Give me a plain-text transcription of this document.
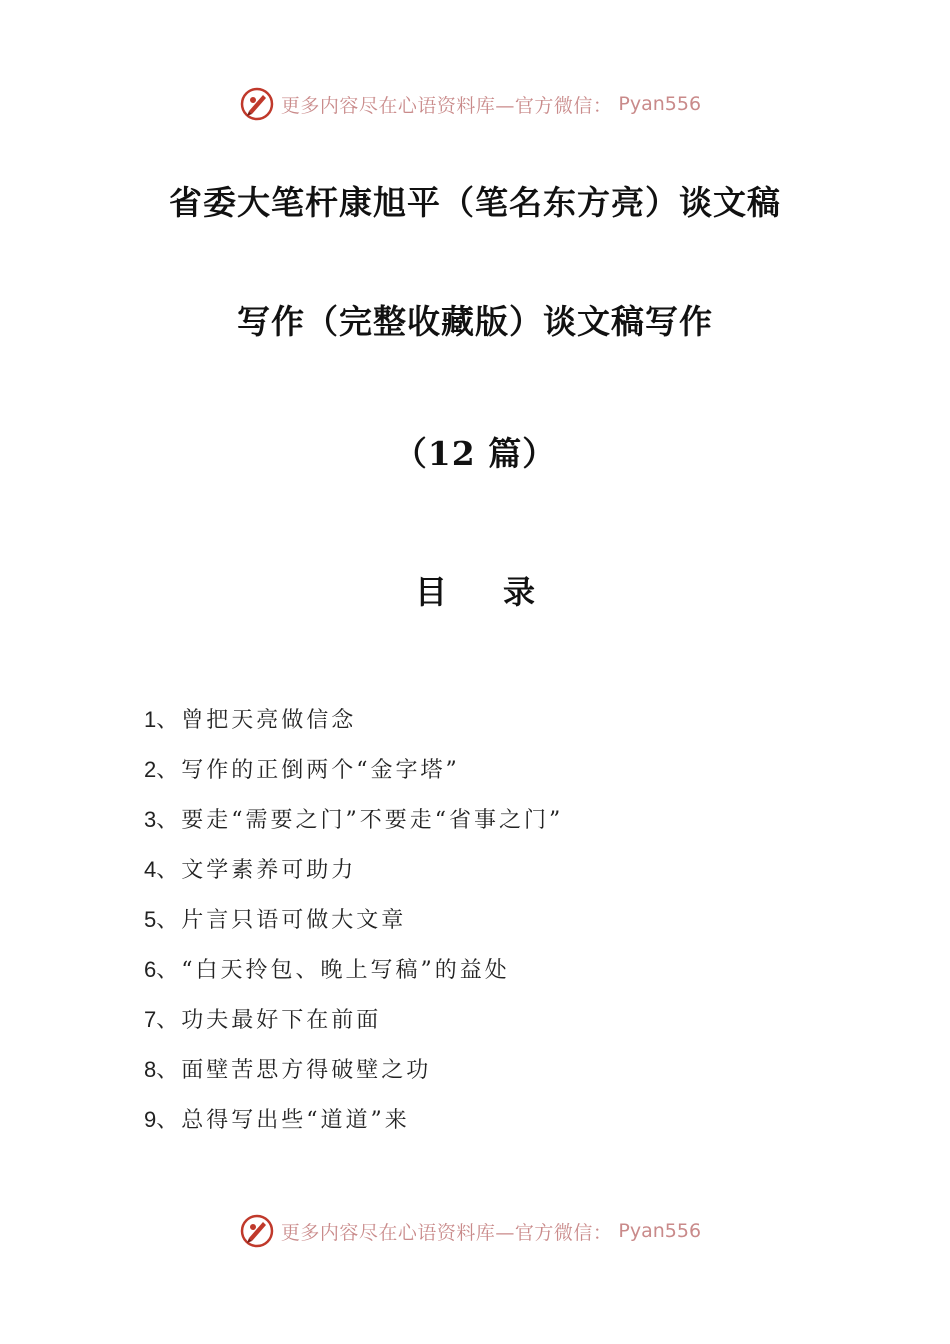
更多内容尽在心语资料库—官方微信： Pyan556
省委大笔杆康旭平（笔名东方亮）谈文稿
写作（完整收藏版）谈文稿写作
（12 篇）
目录
1、曾把天亮做信念
2、写作的正倒两个“金字塔”
3、要走“需要之门”不要走“省事之门”
4、文学素养可助力
5、片言只语可做大文章
6、“白天拎包、晚上写稿”的益处
7、功夫最好下在前面
8、面壁苦思方得破壁之功
9、总得写出些“道道”来
更多内容尽在心语资料库—官方微信： Pyan556
